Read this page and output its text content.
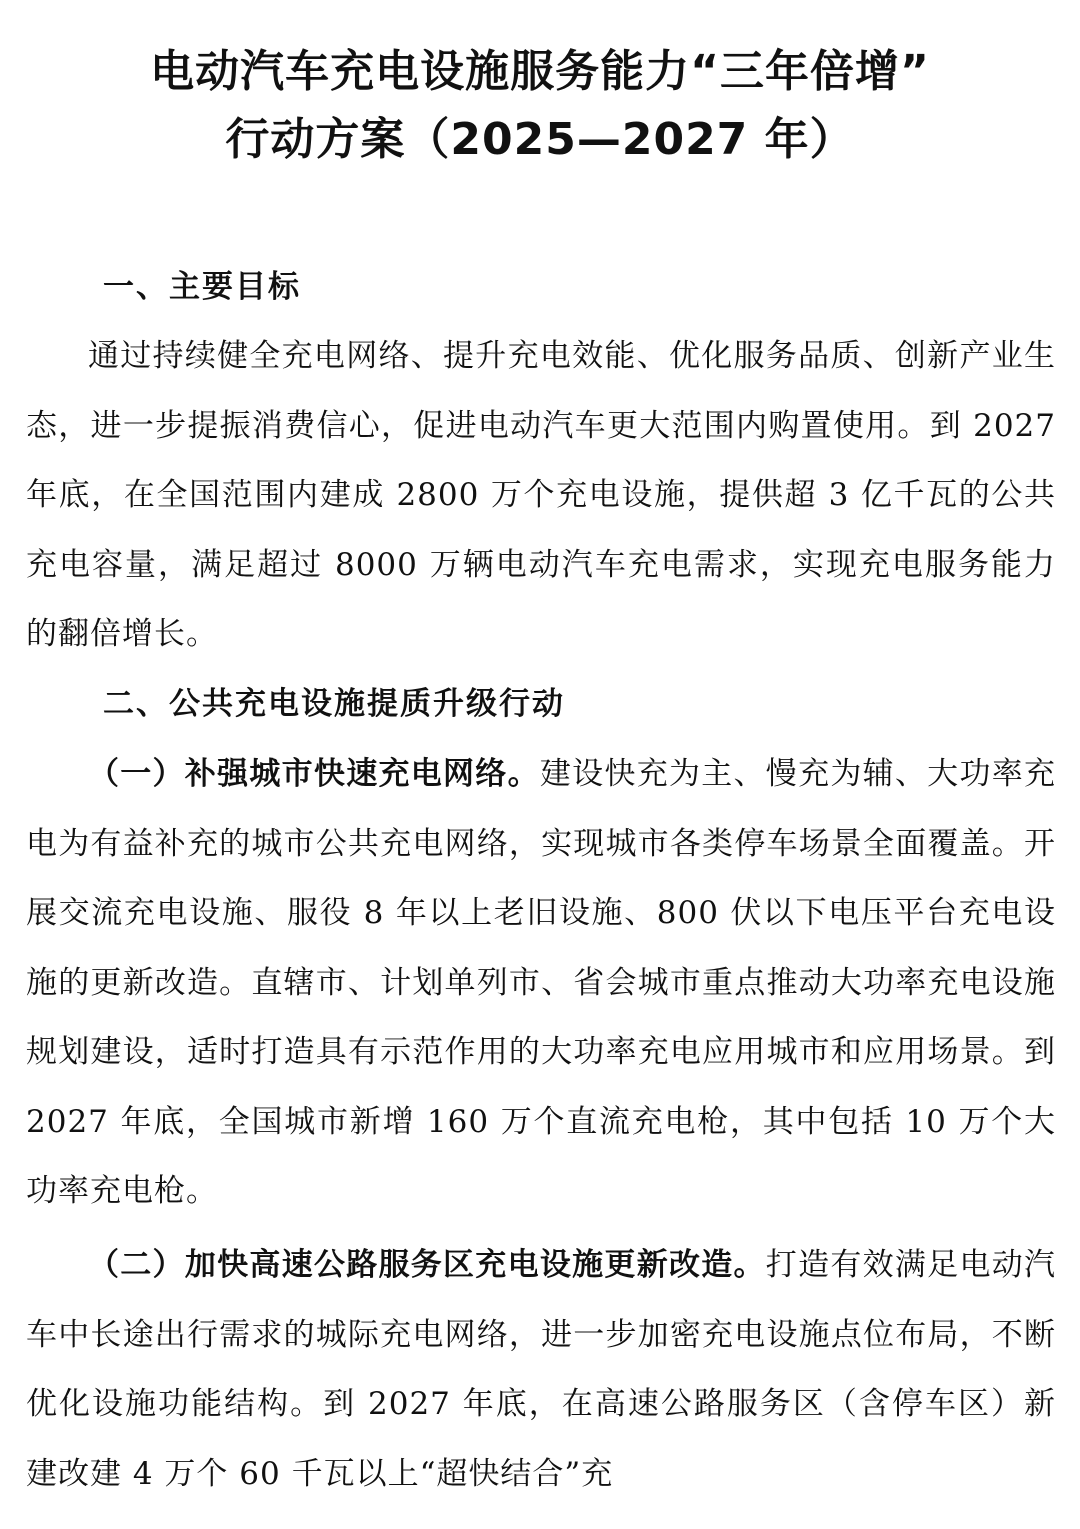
电动汽车充电设施服务能力“三年倍增”
行动方案（2025—2027 年）
一、主要目标

通过持续健全充电网络、提升充电效能、优化服务品质、创新产业生态，进一步提振消费信心，促进电动汽车更大范围内购置使用。到 2027 年底，在全国范围内建成 2800 万个充电设施，提供超 3 亿千瓦的公共充电容量，满足超过 8000 万辆电动汽车充电需求，实现充电服务能力的翻倍增长。

二、公共充电设施提质升级行动

（一）补强城市快速充电网络。建设快充为主、慢充为辅、大功率充电为有益补充的城市公共充电网络，实现城市各类停车场景全面覆盖。开展交流充电设施、服役 8 年以上老旧设施、800 伏以下电压平台充电设施的更新改造。直辖市、计划单列市、省会城市重点推动大功率充电设施规划建设，适时打造具有示范作用的大功率充电应用城市和应用场景。到 2027 年底，全国城市新增 160 万个直流充电枪，其中包括 10 万个大功率充电枪。

（二）加快高速公路服务区充电设施更新改造。打造有效满足电动汽车中长途出行需求的城际充电网络，进一步加密充电设施点位布局，不断优化设施功能结构。到 2027 年底，在高速公路服务区（含停车区）新建改建 4 万个 60 千瓦以上“超快结合”充
